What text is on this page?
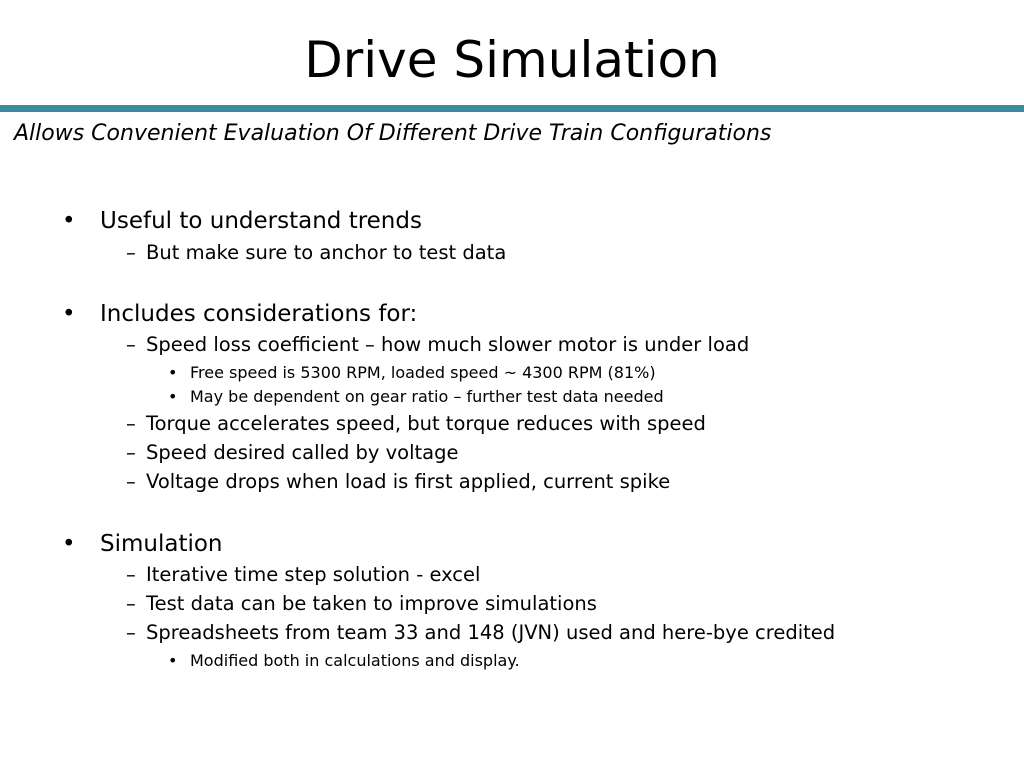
Drive Simulation
Allows Convenient Evaluation Of Different Drive Train Configurations
• Useful to understand trends
– But make sure to anchor to test data
• Includes considerations for:
– Speed loss coefficient – how much slower motor is under load
• Free speed is 5300 RPM, loaded speed ~ 4300 RPM (81%)
• May be dependent on gear ratio – further test data needed
– Torque accelerates speed, but torque reduces with speed
– Speed desired called by voltage
– Voltage drops when load is first applied, current spike
• Simulation
– Iterative time step solution - excel
– Test data can be taken to improve simulations
– Spreadsheets from team 33 and 148 (JVN) used and here-bye credited
• Modified both in calculations and display.
